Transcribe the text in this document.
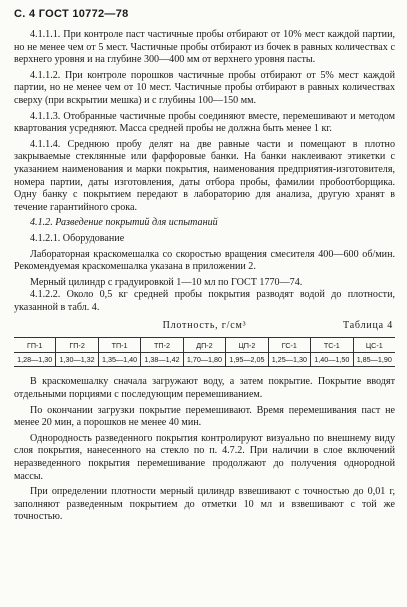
С. 4 ГОСТ 10772—78

4.1.1.1. При контроле паст частичные пробы отбирают от 10% мест каждой партии, но не менее чем от 5 мест. Частичные пробы отбирают из бочек в равных количествах с верхнего уровня и на глубине 300—400 мм от верхнего уровня пасты.

4.1.1.2. При контроле порошков частичные пробы отбирают от 5% мест каждой партии, но не менее чем от 10 мест. Частичные пробы отбирают в равных количествах сверху (при вскрытии мешка) и с глубины 100—150 мм.

4.1.1.3. Отобранные частичные пробы соединяют вместе, перемешивают и методом квартования усредняют. Масса средней пробы не должна быть менее 1 кг.

4.1.1.4. Среднюю пробу делят на две равные части и помещают в плотно закрываемые стеклянные или фарфоровые банки. На банки наклеивают этикетки с указанием наименования и марки покрытия, наименования предприятия-изготовителя, номера партии, даты изготовления, даты отбора пробы, фамилии пробоотборщика. Одну банку с покрытием передают в лабораторию для анализа, другую хранят в течение гарантийного срока.

4.1.2. Разведение покрытий для испытаний

4.1.2.1. Оборудование

Лабораторная краскомешалка со скоростью вращения смесителя 400—600 об/мин. Рекомендуемая краскомешалка указана в приложении 2.

Мерный цилиндр с градуировкой 1—10 мл по ГОСТ 1770—74.

4.1.2.2. Около 0,5 кг средней пробы покрытия разводят водой до плотности, указанной в табл. 4.

Плотность, г/см³	Таблица 4
ГП-1	ГП-2	ТП-1	ТП-2	ДП-2	ЦП-2	ГС-1	ТС-1	ЦС-1
1,28—1,30	1,30—1,32	1,35—1,40	1,38—1,42	1,70—1,80	1,95—2,05	1,25—1,30	1,40—1,50	1,85—1,90

В краскомешалку сначала загружают воду, а затем покрытие. Покрытие вводят отдельными порциями с последующим перемешиванием.

По окончании загрузки покрытие перемешивают. Время перемешивания паст не менее 20 мин, а порошков не менее 40 мин.

Однородность разведенного покрытия контролируют визуально по внешнему виду слоя покрытия, нанесенного на стекло по п. 4.7.2. При наличии в слое включений неразведенного покрытия перемешивание продолжают до получения однородной массы.

При определении плотности мерный цилиндр взвешивают с точностью до 0,01 г, заполняют разведенным покрытием до отметки 10 мл и взвешивают с той же точностью.
